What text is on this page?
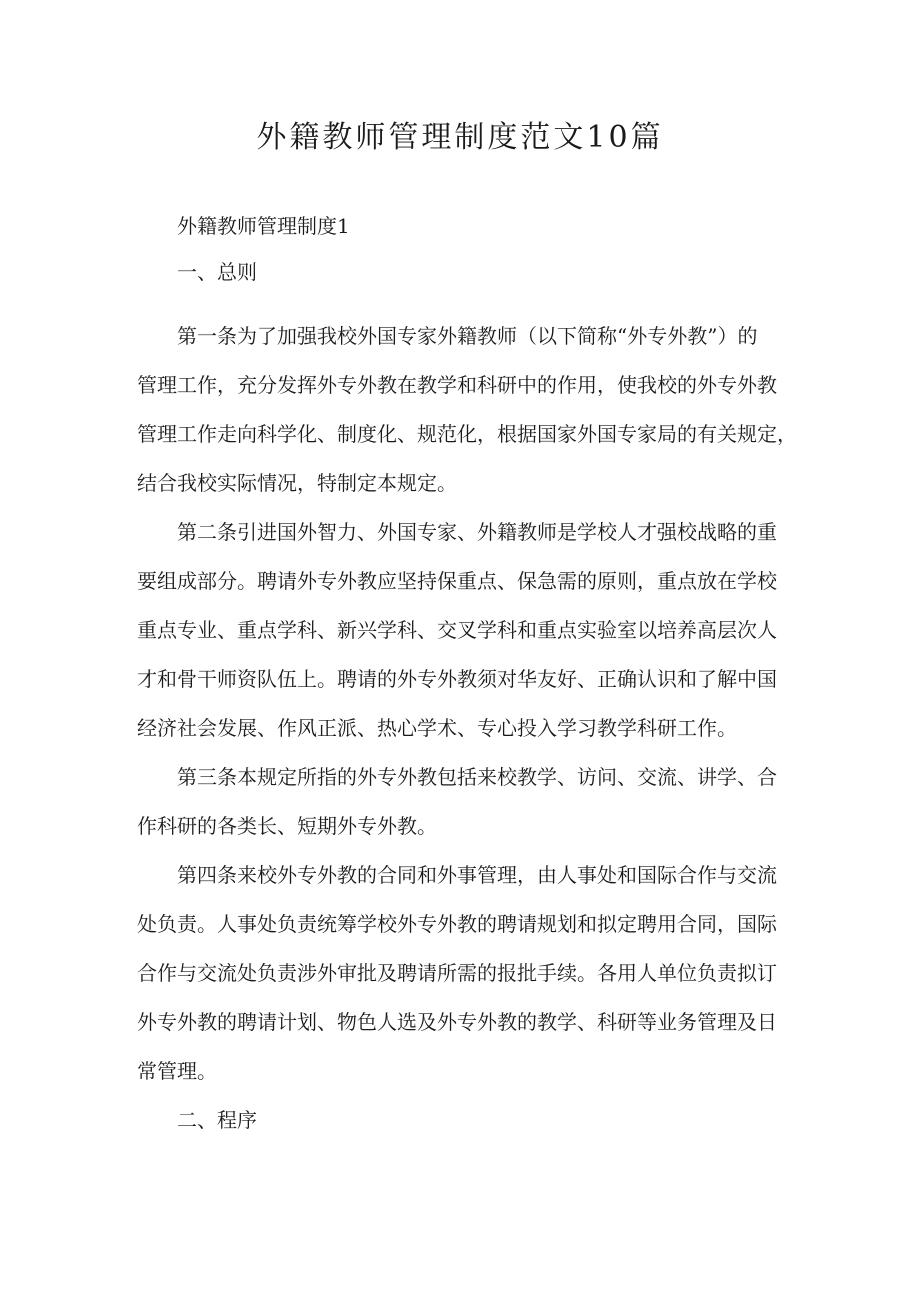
外籍教师管理制度范文10篇
外籍教师管理制度1
一、总则
第一条为了加强我校外国专家外籍教师（以下简称“外专外教”）的
管理工作，充分发挥外专外教在教学和科研中的作用，使我校的外专外教
管理工作走向科学化、制度化、规范化，根据国家外国专家局的有关规定，
结合我校实际情况，特制定本规定。
第二条引进国外智力、外国专家、外籍教师是学校人才强校战略的重
要组成部分。聘请外专外教应坚持保重点、保急需的原则，重点放在学校
重点专业、重点学科、新兴学科、交叉学科和重点实验室以培养高层次人
才和骨干师资队伍上。聘请的外专外教须对华友好、正确认识和了解中国
经济社会发展、作风正派、热心学术、专心投入学习教学科研工作。
第三条本规定所指的外专外教包括来校教学、访问、交流、讲学、合
作科研的各类长、短期外专外教。
第四条来校外专外教的合同和外事管理，由人事处和国际合作与交流
处负责。人事处负责统筹学校外专外教的聘请规划和拟定聘用合同，国际
合作与交流处负责涉外审批及聘请所需的报批手续。各用人单位负责拟订
外专外教的聘请计划、物色人选及外专外教的教学、科研等业务管理及日
常管理。
二、程序
